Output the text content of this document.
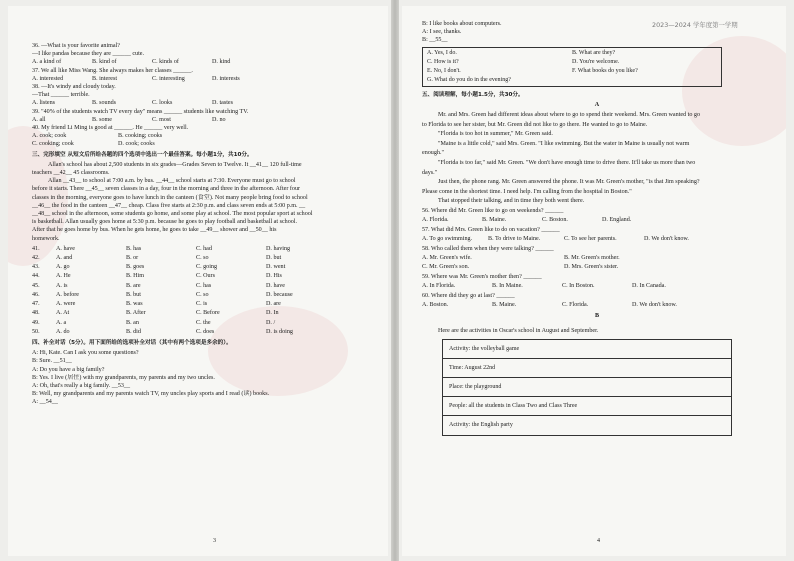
36. —What is your favorite animal?
—I like pandas because they are ______ cute.
A. a kind of	B. kind of	C. kinds of	D. kind
37. We all like Miss Wang. She always makes her classes ______.
A. interested	B. interest	C. interesting	D. interests
38. —It's windy and cloudy today.
—That ______ terrible.
A. listens	B. sounds	C. looks	D. tastes
39. "40% of the students watch TV every day" means ______ students like watching TV.
A. all	B. some	C. most	D. no
40. My friend Li Ming is good at ______. He ______ very well.
A. cook; cook	B. cooking; cooks
C. cooking; cook	D. cook; cooks
三、完形填空 从短文后所给各题的四个选项中选出一个最佳答案。每小题1分，共10分。
Allan's school has about 2,500 students in six grades—Grades Seven to Twelve. It __41__ 120 full-time
teachers __42__ 45 classrooms.
Allan __43__ to school at 7:00 a.m. by bus. __44__ school starts at 7:30. Everyone must go to school
before it starts. There __45__ seven classes in a day, four in the morning and three in the afternoon. After four
classes in the morning, everyone goes to have lunch in the canteen (食堂). Not many people bring food to school
__46__ the food in the canteen __47__ cheap. Class five starts at 2:30 p.m. and class seven ends at 5:00 p.m. __
__48__ school in the afternoon, some students go home, and some play at school. The most popular sport at school
is basketball. Allan usually goes home at 5:30 p.m. because he goes to play football and basketball at school.
After that he goes home by bus. When he gets home, he goes to take __49__ shower and __50__ his
homework.
41.	A. have	B. has	C. had	D. having
42.	A. and	B. or	C. so	D. but
43.	A. go	B. goes	C. going	D. went
44.	A. He	B. Him	C. Ours	D. His
45.	A. is	B. are	C. has	D. have
46.	A. before	B. but	C. so	D. because
47.	A. were	B. was	C. is	D. are
48.	A. At	B. After	C. Before	D. In
49.	A. a	B. an	C. the	D. /
50.	A. do	B. did	C. does	D. is doing
四、补全对话（5分）。用下面所给的选项补全对话（其中有两个选项是多余的）。
A: Hi, Kate. Can I ask you some questions?
B: Sure. __51__
A: Do you have a big family?
B: Yes. I live (居住) with my grandparents, my parents and my two uncles.
A: Oh, that's really a big family. __53__
B: Well, my grandparents and my parents watch TV, my uncles play sports and I read (读) books.
A: __54__
3
2023—2024 学年度第一学期
B: I like books about computers.
A: I see, thanks.
B: __55__
A. Yes, I do.	B. What are they?
C. How is it?	D. You're welcome.
E. No, I don't.	F. What books do you like?
G. What do you do in the evening?
五、阅读理解，每小题1.5分，共30分。
A
Mr. and Mrs. Green had different ideas about where to go to spend their weekend. Mrs. Green wanted to go
to Florida to see her sister, but Mr. Green did not like to go there. He wanted to go to Maine.
"Florida is too hot in summer," Mr. Green said.
"Maine is a little cold," said Mrs. Green. "I like swimming. But the water in Maine is usually not warm
enough."
"Florida is too far," said Mr. Green. "We don't have enough time to drive there. It'll take us more than two
days."
Just then, the phone rang. Mr. Green answered the phone. It was Mr. Green's mother, "is that Jim speaking?
Please come in the shortest time. I need help. I'm calling from the hospital in Boston."
That stopped their talking, and in time they both went there.
56. Where did Mr. Green like to go on weekends? ______
A. Florida.	B. Maine.	C. Boston.	D. England.
57. What did Mrs. Green like to do on vacation? ______
A. To go swimming.	B. To drive to Maine.	C. To see her parents.	D. We don't know.
58. Who called them when they were talking? ______
A. Mr. Green's wife.	B. Mr. Green's mother.
C. Mr. Green's son.	D. Mrs. Green's sister.
59. Where was Mr. Green's mother then? ______
A. In Florida.	B. In Maine.	C. In Boston.	D. In Canada.
60. Where did they go at last? ______
A. Boston.	B. Maine.	C. Florida.	D. We don't know.
B
Here are the activities in Oscar's school in August and September.
Activity: the volleyball game
Time: August 22nd
Place: the playground
People: all the students in Class Two and Class Three
Activity: the English party
4
